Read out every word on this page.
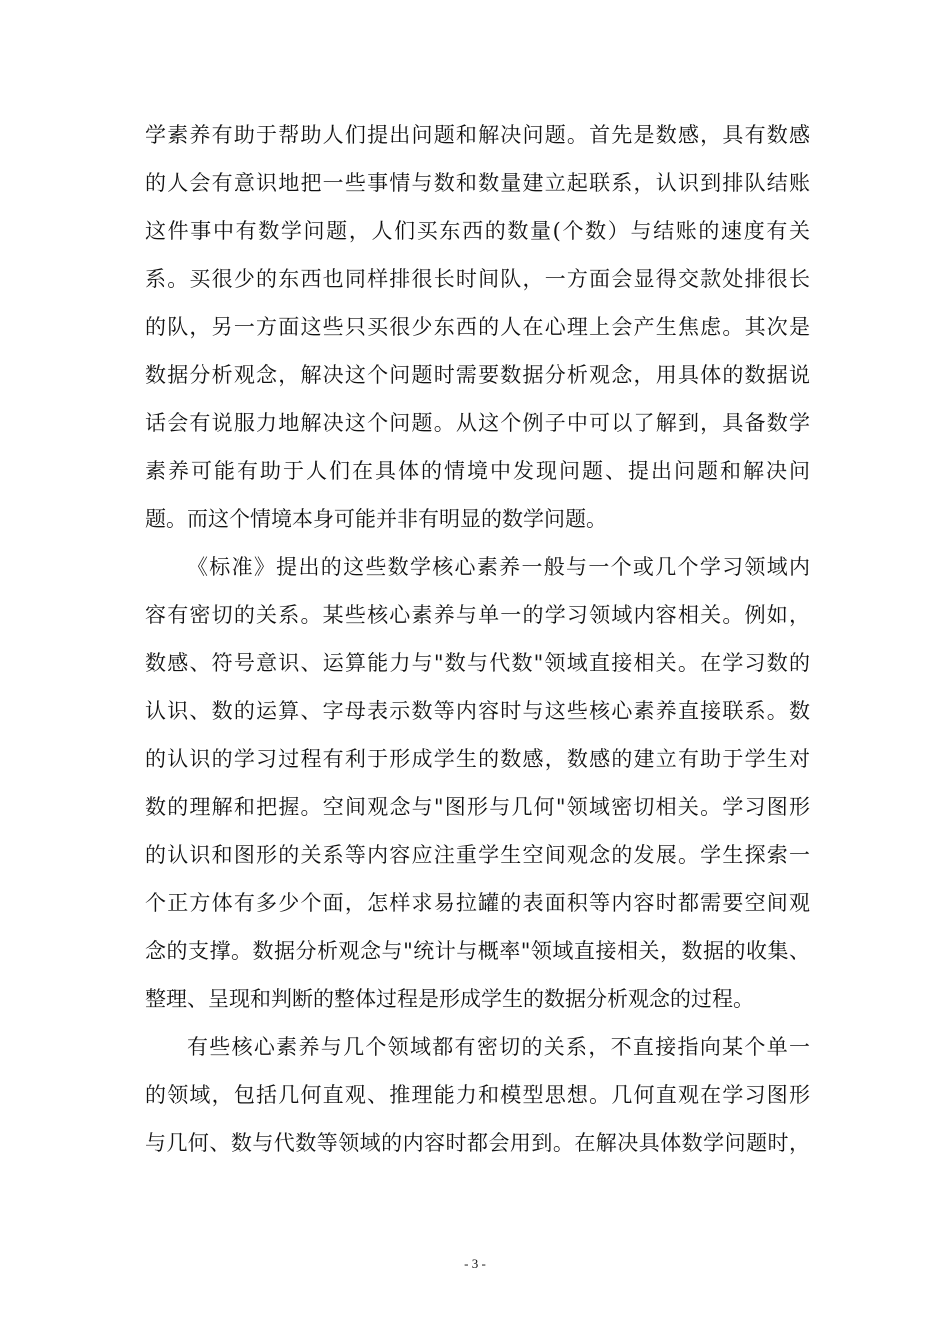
学素养有助于帮助人们提出问题和解决问题。首先是数感，具有数感
的人会有意识地把一些事情与数和数量建立起联系，认识到排队结账
这件事中有数学问题，人们买东西的数量(个数）与结账的速度有关
系。买很少的东西也同样排很长时间队，一方面会显得交款处排很长
的队，另一方面这些只买很少东西的人在心理上会产生焦虑。其次是
数据分析观念，解决这个问题时需要数据分析观念，用具体的数据说
话会有说服力地解决这个问题。从这个例子中可以了解到，具备数学
素养可能有助于人们在具体的情境中发现问题、提出问题和解决问
题。而这个情境本身可能并非有明显的数学问题。
《标准》提出的这些数学核心素养一般与一个或几个学习领域内
容有密切的关系。某些核心素养与单一的学习领域内容相关。例如，
数感、符号意识、运算能力与"数与代数"领域直接相关。在学习数的
认识、数的运算、字母表示数等内容时与这些核心素养直接联系。数
的认识的学习过程有利于形成学生的数感，数感的建立有助于学生对
数的理解和把握。空间观念与"图形与几何"领域密切相关。学习图形
的认识和图形的关系等内容应注重学生空间观念的发展。学生探索一
个正方体有多少个面，怎样求易拉罐的表面积等内容时都需要空间观
念的支撑。数据分析观念与"统计与概率"领域直接相关，数据的收集、
整理、呈现和判断的整体过程是形成学生的数据分析观念的过程。
有些核心素养与几个领域都有密切的关系，不直接指向某个单一
的领域，包括几何直观、推理能力和模型思想。几何直观在学习图形
与几何、数与代数等领域的内容时都会用到。在解决具体数学问题时，
- 3 -
